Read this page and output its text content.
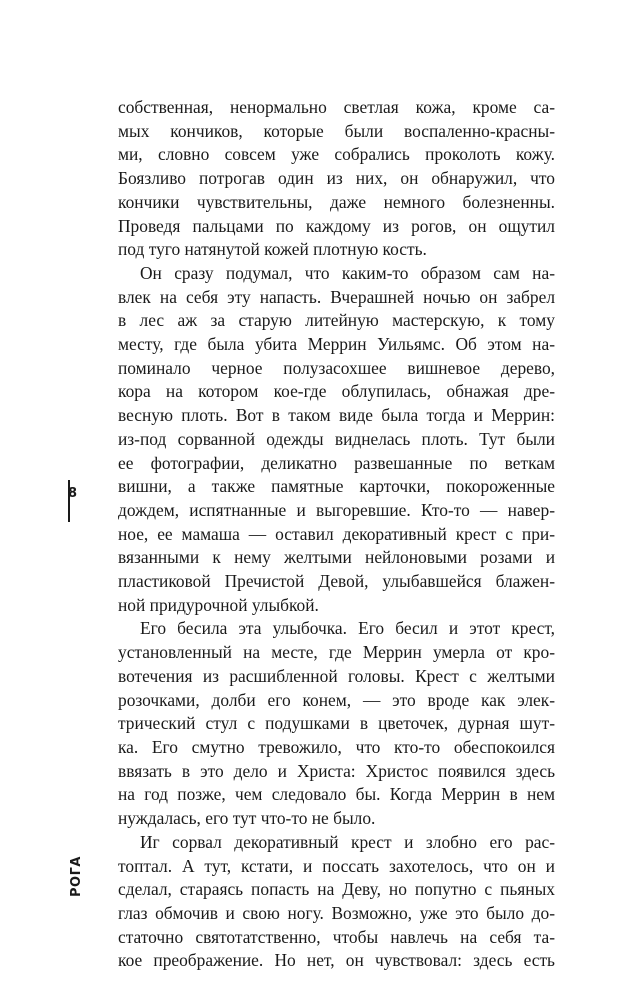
8
РОГА
собственная, ненормально светлая кожа, кроме са-
мых кончиков, которые были воспаленно-красны-
ми, словно совсем уже собрались проколоть кожу.
Боязливо потрогав один из них, он обнаружил, что
кончики чувствительны, даже немного болезненны.
Проведя пальцами по каждому из рогов, он ощутил
под туго натянутой кожей плотную кость.
Он сразу подумал, что каким-то образом сам на-
влек на себя эту напасть. Вчерашней ночью он забрел
в лес аж за старую литейную мастерскую, к тому
месту, где была убита Меррин Уильямс. Об этом на-
поминало черное полузасохшее вишневое дерево,
кора на котором кое-где облупилась, обнажая дре-
весную плоть. Вот в таком виде была тогда и Меррин:
из-под сорванной одежды виднелась плоть. Тут были
ее фотографии, деликатно развешанные по веткам
вишни, а также памятные карточки, покороженные
дождем, испятнанные и выгоревшие. Кто-то — навер-
ное, ее мамаша — оставил декоративный крест с при-
вязанными к нему желтыми нейлоновыми розами и
пластиковой Пречистой Девой, улыбавшейся блажен-
ной придурочной улыбкой.
Его бесила эта улыбочка. Его бесил и этот крест,
установленный на месте, где Меррин умерла от кро-
вотечения из расшибленной головы. Крест с желтыми
розочками, долби его конем, — это вроде как элек-
трический стул с подушками в цветочек, дурная шут-
ка. Его смутно тревожило, что кто-то обеспокоился
ввязать в это дело и Христа: Христос появился здесь
на год позже, чем следовало бы. Когда Меррин в нем
нуждалась, его тут что-то не было.
Иг сорвал декоративный крест и злобно его рас-
топтал. А тут, кстати, и поссать захотелось, что он и
сделал, стараясь попасть на Деву, но попутно с пьяных
глаз обмочив и свою ногу. Возможно, уже это было до-
статочно святотатственно, чтобы навлечь на себя та-
кое преображение. Но нет, он чувствовал: здесь есть
